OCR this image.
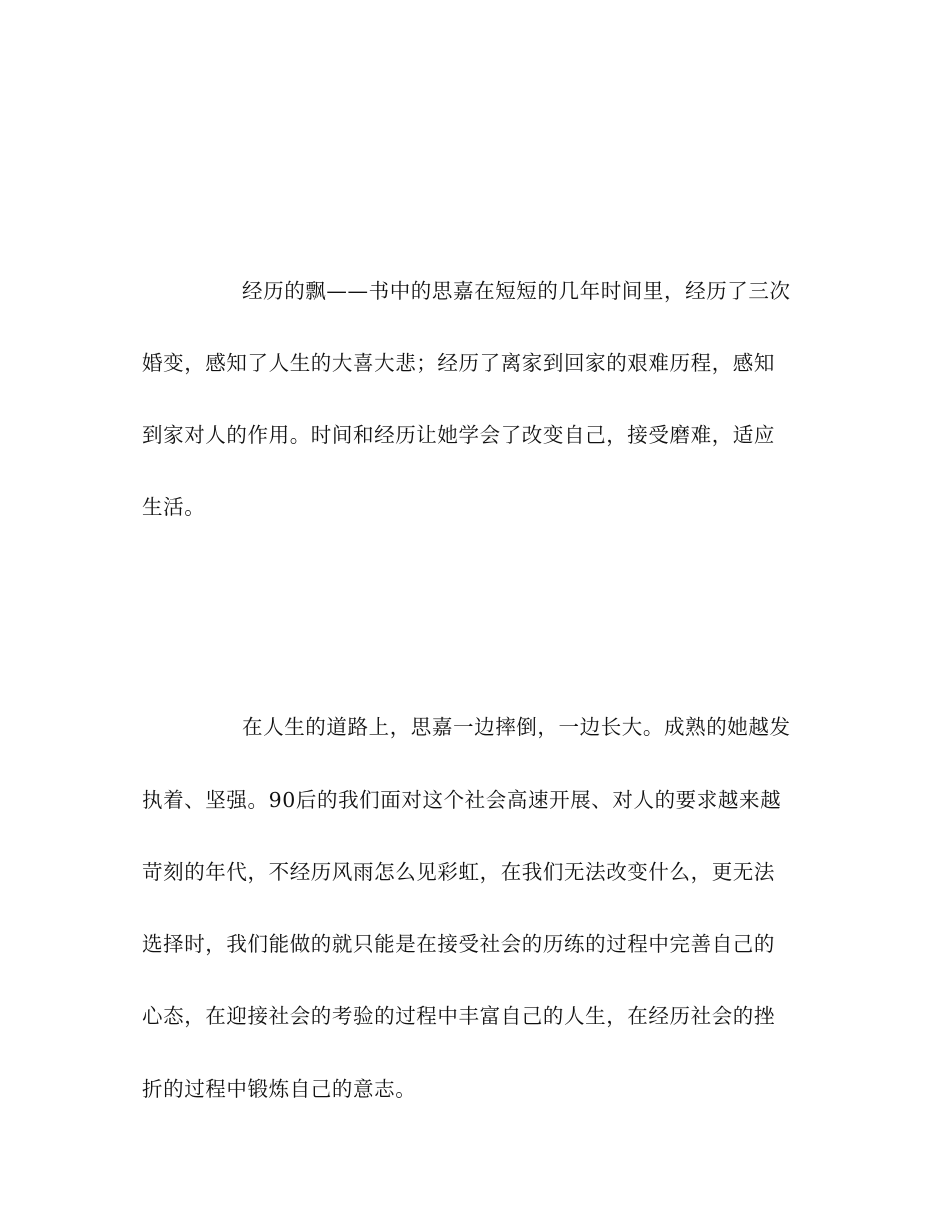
经历的飘——书中的思嘉在短短的几年时间里，经历了三次
婚变，感知了人生的大喜大悲；经历了离家到回家的艰难历程，感知
到家对人的作用。时间和经历让她学会了改变自己，接受磨难，适应
生活。
在人生的道路上，思嘉一边摔倒，一边长大。成熟的她越发
执着、坚强。90后的我们面对这个社会高速开展、对人的要求越来越
苛刻的年代，不经历风雨怎么见彩虹，在我们无法改变什么，更无法
选择时，我们能做的就只能是在接受社会的历练的过程中完善自己的
心态，在迎接社会的考验的过程中丰富自己的人生，在经历社会的挫
折的过程中锻炼自己的意志。
